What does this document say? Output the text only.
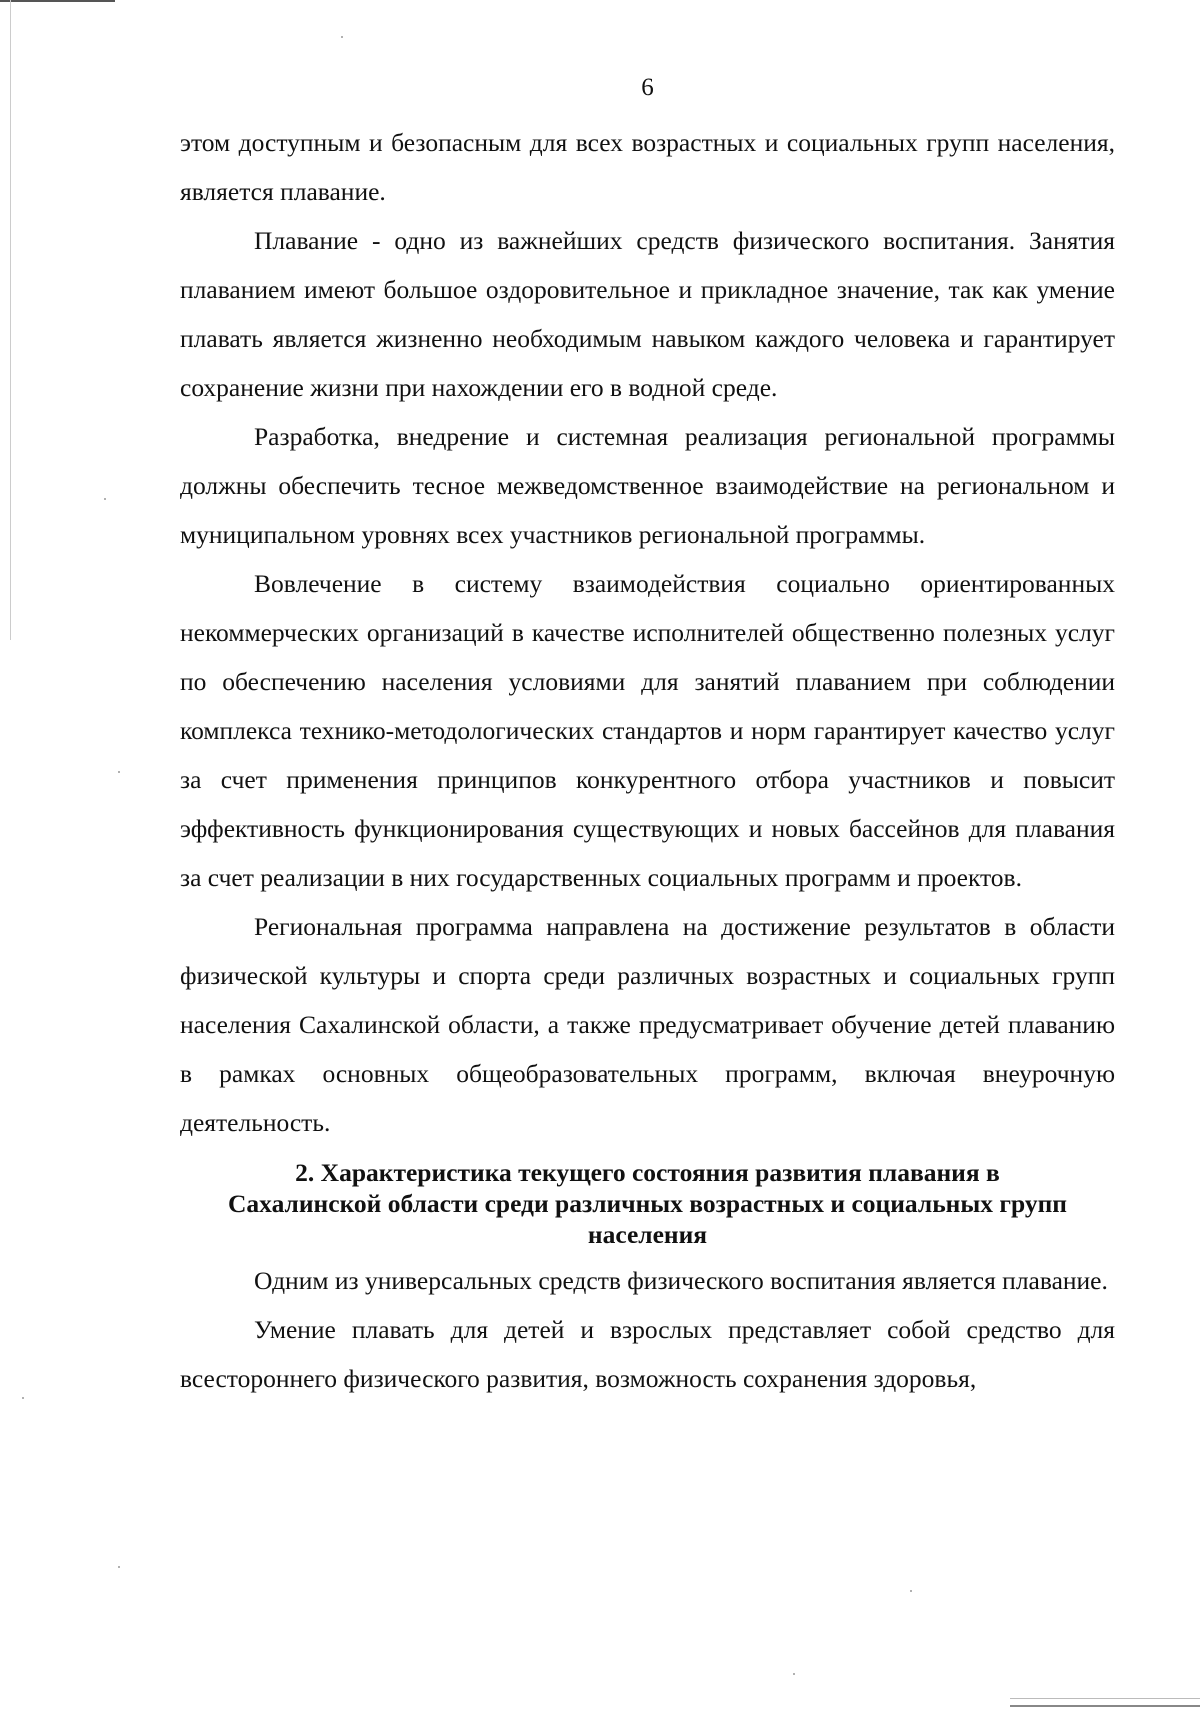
6

этом доступным и безопасным для всех возрастных и социальных групп населения, является плавание.

Плавание - одно из важнейших средств физического воспитания. Занятия плаванием имеют большое оздоровительное и прикладное значение, так как умение плавать является жизненно необходимым навыком каждого человека и гарантирует сохранение жизни при нахождении его в водной среде.

Разработка, внедрение и системная реализация региональной программы должны обеспечить тесное межведомственное взаимодействие на региональном и муниципальном уровнях всех участников региональной программы.

Вовлечение в систему взаимодействия социально ориентированных некоммерческих организаций в качестве исполнителей общественно полезных услуг по обеспечению населения условиями для занятий плаванием при соблюдении комплекса технико-методологических стандартов и норм гарантирует качество услуг за счет применения принципов конкурентного отбора участников и повысит эффективность функционирования существующих и новых бассейнов для плавания за счет реализации в них государственных социальных программ и проектов.

Региональная программа направлена на достижение результатов в области физической культуры и спорта среди различных возрастных и социальных групп населения Сахалинской области, а также предусматривает обучение детей плаванию в рамках основных общеобразовательных программ, включая внеурочную деятельность.

2. Характеристика текущего состояния развития плавания в
Сахалинской области среди различных возрастных и социальных групп
населения

Одним из универсальных средств физического воспитания является плавание.

Умение плавать для детей и взрослых представляет собой средство для всестороннего физического развития, возможность сохранения здоровья,
